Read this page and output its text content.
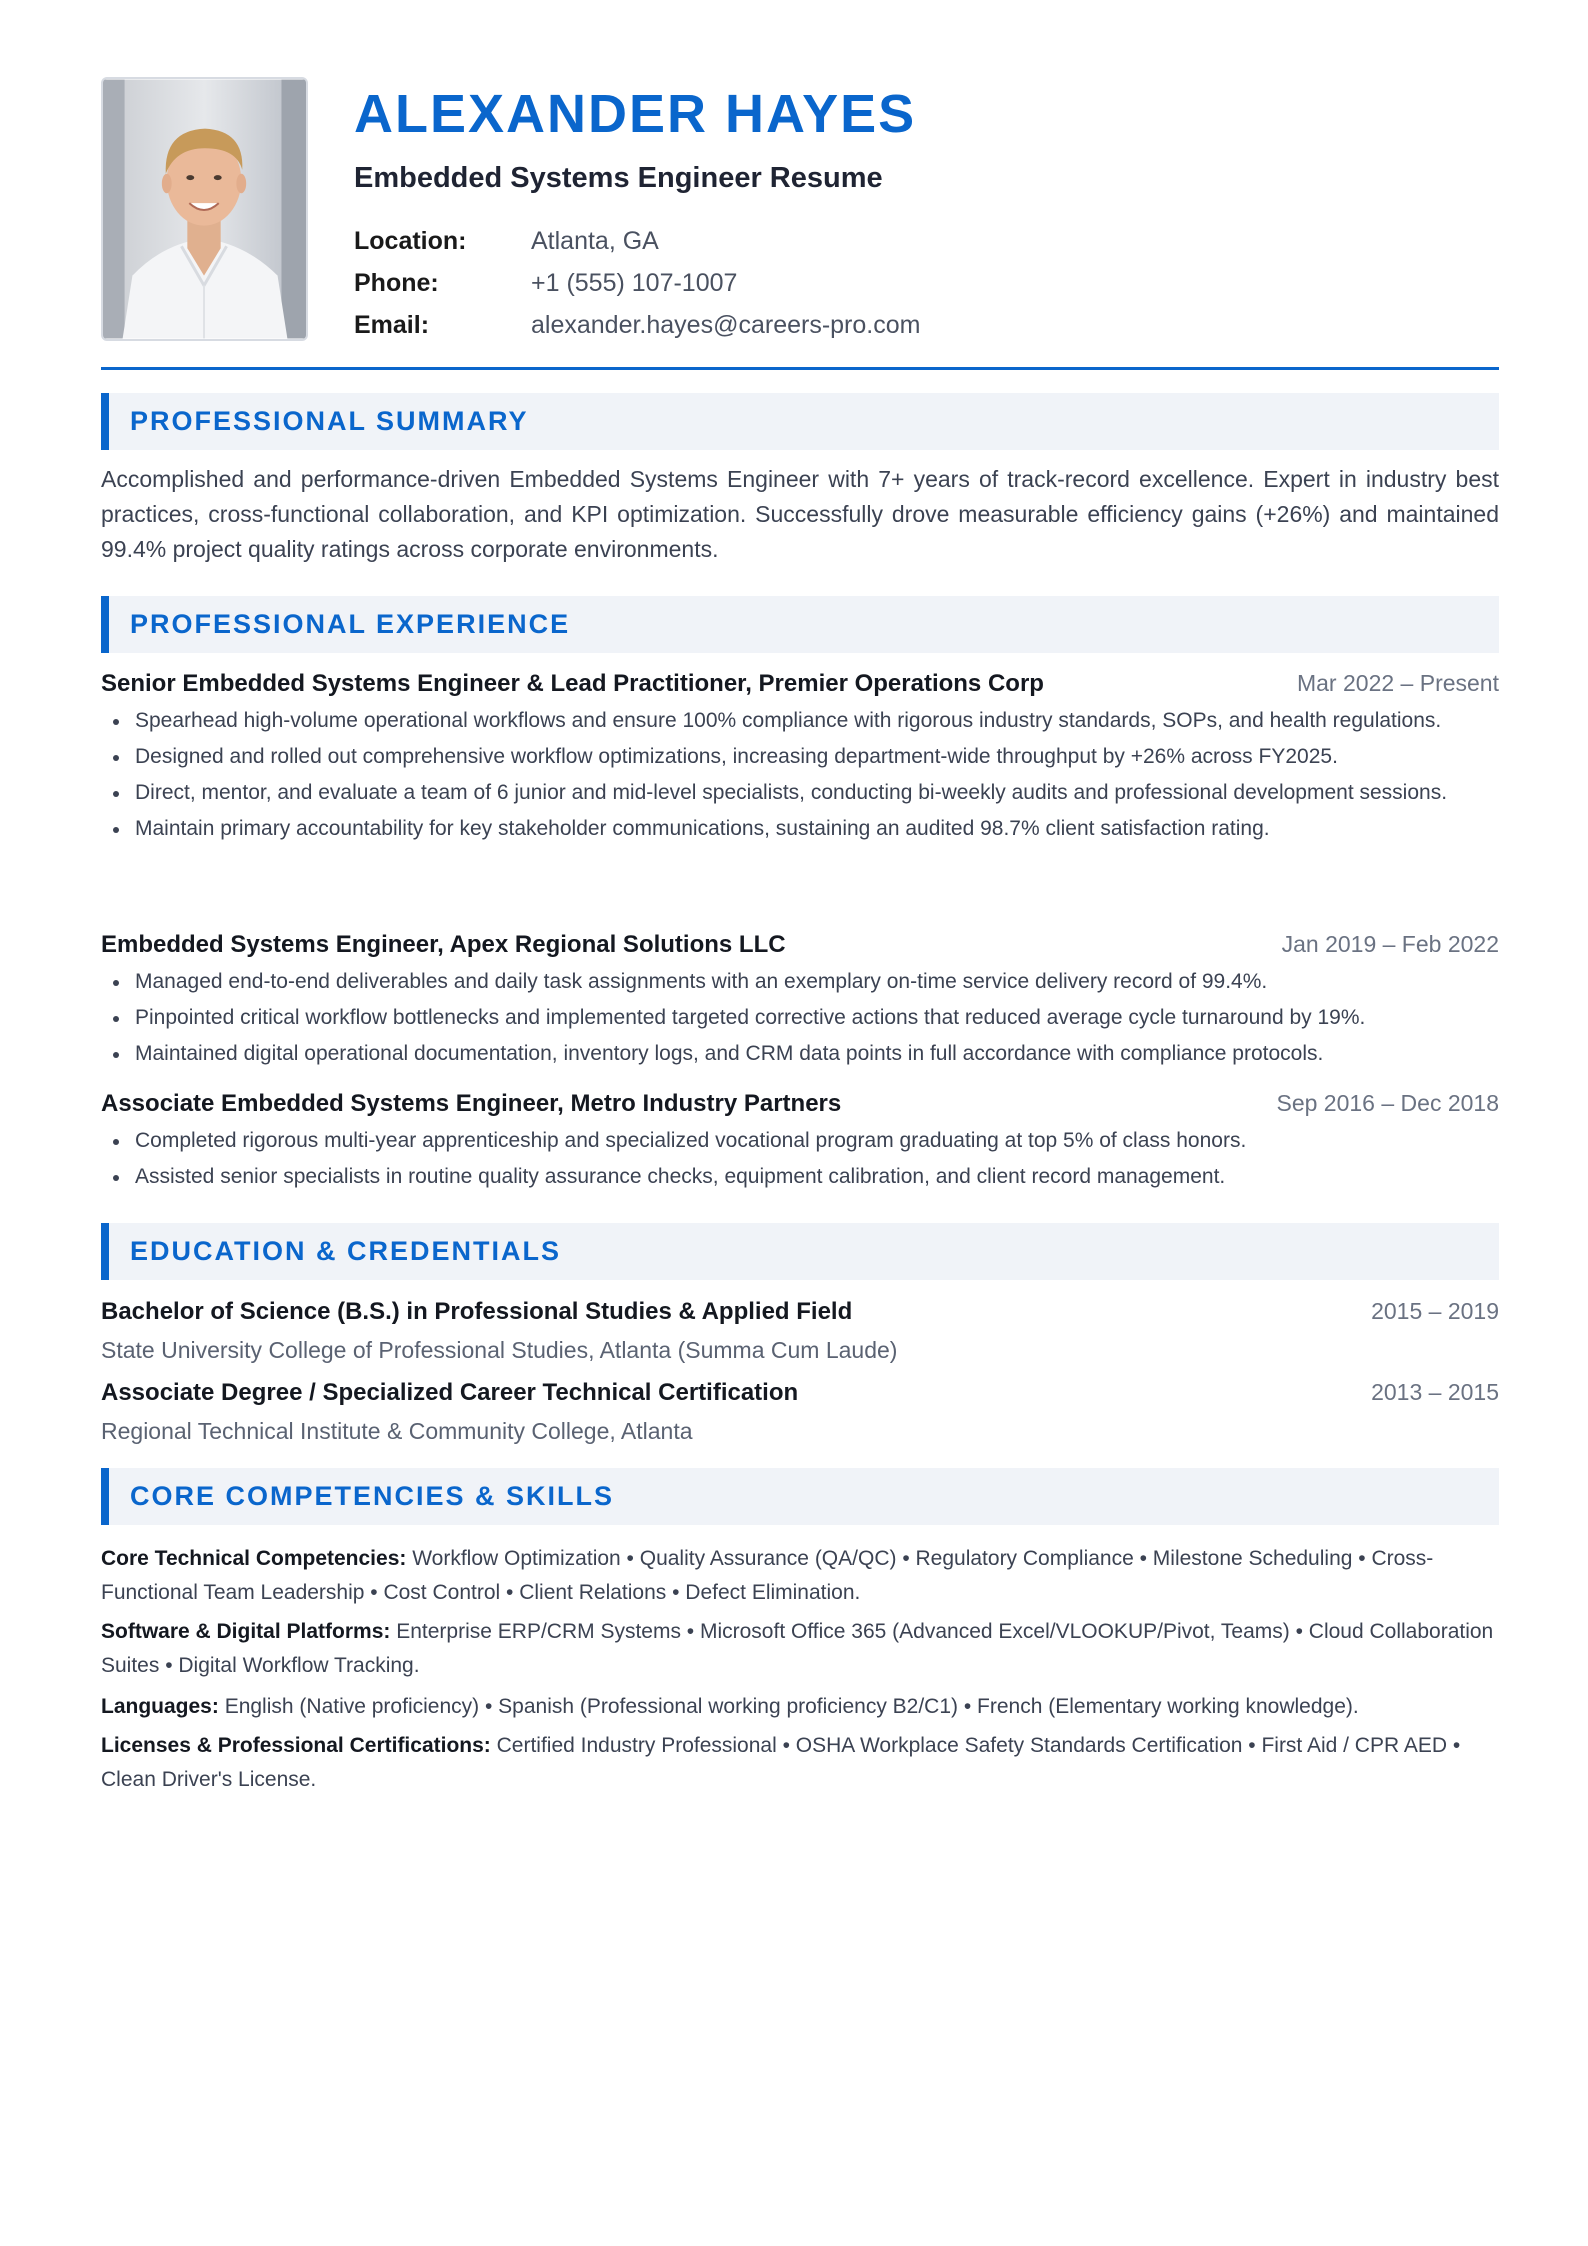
ALEXANDER HAYES
Embedded Systems Engineer Resume
Location:	Atlanta, GA
Phone:	+1 (555) 107-1007
Email:	alexander.hayes@careers-pro.com
PROFESSIONAL SUMMARY

Accomplished and performance-driven Embedded Systems Engineer with 7+ years of track-record excellence. Expert in industry best practices, cross-functional collaboration, and KPI optimization. Successfully drove measurable efficiency gains (+26%) and maintained 99.4% project quality ratings across corporate environments.

PROFESSIONAL EXPERIENCE
Senior Embedded Systems Engineer & Lead Practitioner, Premier Operations Corp	Mar 2022 – Present
Spearhead high-volume operational workflows and ensure 100% compliance with rigorous industry standards, SOPs, and health regulations.
Designed and rolled out comprehensive workflow optimizations, increasing department-wide throughput by +26% across FY2025.
Direct, mentor, and evaluate a team of 6 junior and mid-level specialists, conducting bi-weekly audits and professional development sessions.
Maintain primary accountability for key stakeholder communications, sustaining an audited 98.7% client satisfaction rating.
Embedded Systems Engineer, Apex Regional Solutions LLC	Jan 2019 – Feb 2022
Managed end-to-end deliverables and daily task assignments with an exemplary on-time service delivery record of 99.4%.
Pinpointed critical workflow bottlenecks and implemented targeted corrective actions that reduced average cycle turnaround by 19%.
Maintained digital operational documentation, inventory logs, and CRM data points in full accordance with compliance protocols.
Associate Embedded Systems Engineer, Metro Industry Partners	Sep 2016 – Dec 2018
Completed rigorous multi-year apprenticeship and specialized vocational program graduating at top 5% of class honors.
Assisted senior specialists in routine quality assurance checks, equipment calibration, and client record management.
EDUCATION & CREDENTIALS
Bachelor of Science (B.S.) in Professional Studies & Applied Field	2015 – 2019
State University College of Professional Studies, Atlanta (Summa Cum Laude)
Associate Degree / Specialized Career Technical Certification	2013 – 2015
Regional Technical Institute & Community College, Atlanta
CORE COMPETENCIES & SKILLS

Core Technical Competencies: Workflow Optimization • Quality Assurance (QA/QC) • Regulatory Compliance • Milestone Scheduling • Cross-Functional Team Leadership • Cost Control • Client Relations • Defect Elimination.

Software & Digital Platforms: Enterprise ERP/CRM Systems • Microsoft Office 365 (Advanced Excel/VLOOKUP/Pivot, Teams) • Cloud Collaboration Suites • Digital Workflow Tracking.

Languages: English (Native proficiency) • Spanish (Professional working proficiency B2/C1) • French (Elementary working knowledge).

Licenses & Professional Certifications: Certified Industry Professional • OSHA Workplace Safety Standards Certification • First Aid / CPR AED • Clean Driver's License.
